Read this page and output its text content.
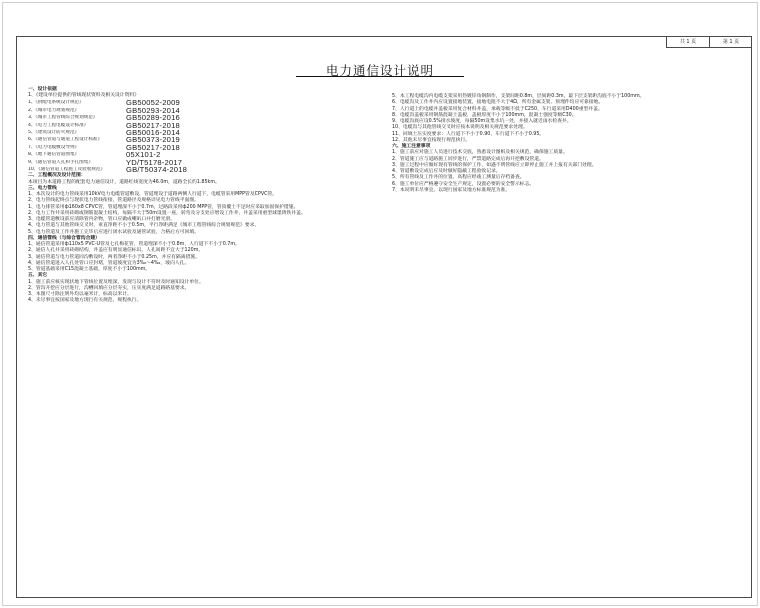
共 1 页	第 1 页
电力通信设计说明
一、设计依据
1、《建设单位提供的管线现状资料及相关设计资料》
1、《供配电系统设计规范》	GB50052-2009
2、《城市电力规划规范》	GB50293-2014
3、《城市工程管线综合规划规范》	GB50289-2016
4、《电力工程电缆设计标准》	GB50217-2018
5、《建筑设计防火规范》	GB50016-2014
6、《通信管道与通道工程设计标准》	GB50373-2019
7、《电力电缆敷设导则》	GB50217-2018
8、《地下通信管道图集》	05X101-2
9、《通信管道人孔和手孔图集》	YD/T5178-2017
10、《通信管道工程施工及验收规范》	GB/T50374-2018
二、工程概况及设计范围：
本项目为本道路工程的配套电力通信设计，道路红线宽度为46.0m，道路全长约1.85km。
三、电力管线
1、本次设计的电力管线采用10kV电力电缆管道敷设，管道埋设于道路两侧人行道下，电缆管采用MPP管及CPVC管。
2、电力管线起终点与现状电力管线衔接，管道路径及规格详见电力管线平面图。
1、电力排管采用ф160x8 CPVC管，管道埋深不小于0.7m，过路段采用ф200 MPP管，管顶覆土不足时应采取加固保护措施。
2、电力工作井采用砖砌或钢筋混凝土结构，每隔不大于50m设置一座，转弯及分支处应增设工作井，井盖采用重型球墨铸铁井盖。
3、电缆管道敷设前应清除管内杂物，管口应做成喇叭口并打磨光滑。
4、电力管道与其他管线交叉时，垂直净距不小于0.5m，平行净距满足《城市工程管线综合规划规范》要求。
5、电力管道及工作井施工完毕后应进行闭水试验及通管试验，合格后方可回填。
四、通信管线（与综合管沟合建）
1、通信管道采用ф110x5 PVC-U管及七孔梅花管，管道埋深不小于0.8m，人行道下不小于0.7m。
2、通信人孔井采用砖砌结构，井盖应有明显通信标识，人孔间距不宜大于120m。
3、通信管道与电力管道同沟敷设时，两者净距不小于0.25m，并应有隔离措施。
4、通信管道进入人孔处管口应封堵，管道坡度宜为3‰～4‰，坡向人孔。
5、管道基础采用C15混凝土基础，厚度不小于100mm。
五、其它
1、施工前应核实现状地下管线位置及埋深，发现与设计不符时及时通知设计单位。
2、管沟开挖应分层进行，沟槽回填应分层夯实，压实度满足道路路基要求。
3、本图尺寸除注明外均以毫米计，标高以米计。
4、未尽事宜按国家及地方现行有关规范、规程执行。
5、本工程电缆沟内电缆支架采用热镀锌角钢制作，支架间距0.8m，层间距0.3m，最下层支架距沟底不小于100mm。
6、电缆沟及工作井内应设置接地装置，接地电阻不大于4Ω，所有金属支架、预埋件均应可靠接地。
7、人行道上的电缆井盖板采用复合材料井盖，承载等级不低于C250，车行道采用D400重型井盖。
8、电缆沟盖板采用钢筋混凝土盖板，盖板厚度不小于100mm，混凝土强度等级C30。
9、电缆沟底应设0.5%排水坡度，每隔50m设集水坑一处，并接入就近雨水检查井。
10、电缆沟与其他管线交叉时应按本说明及相关规范要求处理。
11、回填土压实度要求：人行道下不小于0.90，车行道下不小于0.95。
12、其他未尽事宜按现行规范执行。
六、施工注意事项
1、施工前应对施工人员进行技术交底，熟悉设计图纸及相关规范，确保施工质量。
2、管道施工应与道路施工同步进行，严禁道路完成后再开挖敷设管道。
3、施工过程中应做好现有管线的保护工作，如遇不明管线应立即停止施工并上报有关部门处理。
4、管道敷设完成后应及时做好隐蔽工程验收记录。
5、所有管线及工作井的位置、高程应经竣工测量后存档备查。
6、施工单位应严格遵守安全生产规定，设置必要的安全警示标志。
7、本说明未尽事宜，以现行国家及地方标准规范为准。
